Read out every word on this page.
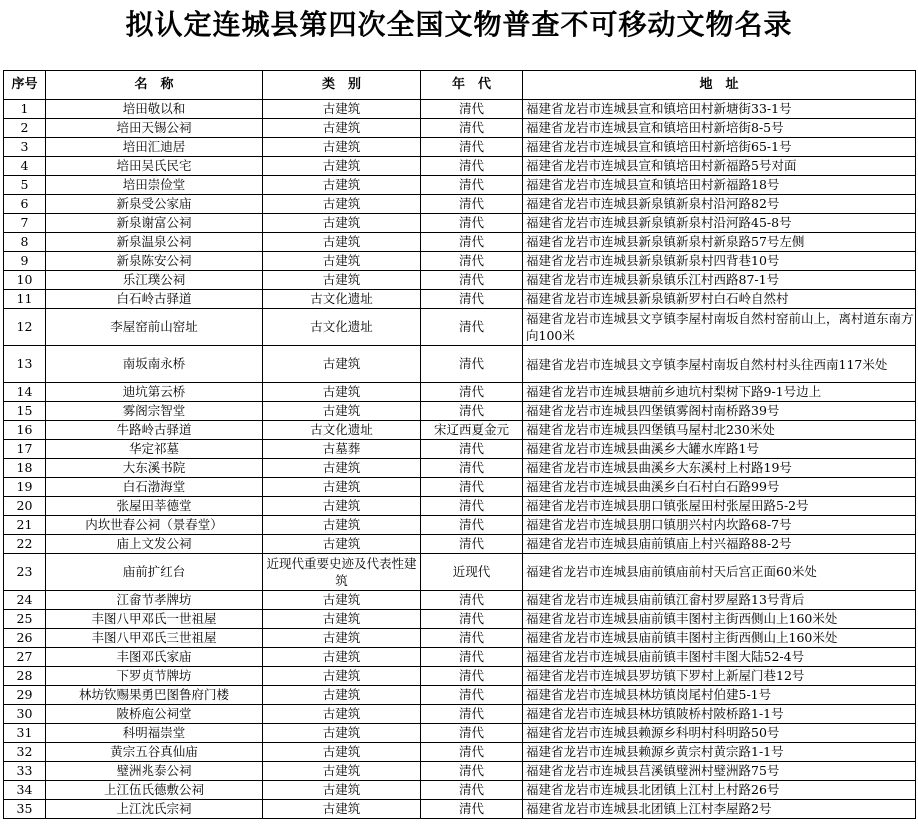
拟认定连城县第四次全国文物普查不可移动文物名录
序号	名　称	类　别	年　代	地　址
1	培田敬以和	古建筑	清代	福建省龙岩市连城县宣和镇培田村新塘街33-1号
2	培田天锡公祠	古建筑	清代	福建省龙岩市连城县宣和镇培田村新培街8-5号
3	培田汇迪居	古建筑	清代	福建省龙岩市连城县宣和镇培田村新培街65-1号
4	培田吴氏民宅	古建筑	清代	福建省龙岩市连城县宣和镇培田村新福路5号对面
5	培田崇俭堂	古建筑	清代	福建省龙岩市连城县宣和镇培田村新福路18号
6	新泉受公家庙	古建筑	清代	福建省龙岩市连城县新泉镇新泉村沿河路82号
7	新泉谢富公祠	古建筑	清代	福建省龙岩市连城县新泉镇新泉村沿河路45-8号
8	新泉温泉公祠	古建筑	清代	福建省龙岩市连城县新泉镇新泉村新泉路57号左侧
9	新泉陈安公祠	古建筑	清代	福建省龙岩市连城县新泉镇新泉村四背巷10号
10	乐江璞公祠	古建筑	清代	福建省龙岩市连城县新泉镇乐江村西路87-1号
11	白石岭古驿道	古文化遗址	清代	福建省龙岩市连城县新泉镇新罗村白石岭自然村
12	李屋窑前山窑址	古文化遗址	清代	福建省龙岩市连城县文亨镇李屋村南坂自然村窑前山上，离村道东南方向100米
13	南坂南永桥	古建筑	清代	福建省龙岩市连城县文亨镇李屋村南坂自然村村头往西南117米处
14	迪坑第云桥	古建筑	清代	福建省龙岩市连城县塘前乡迪坑村梨树下路9-1号边上
15	雾阁宗智堂	古建筑	清代	福建省龙岩市连城县四堡镇雾阁村南桥路39号
16	牛路岭古驿道	古文化遗址	宋辽西夏金元	福建省龙岩市连城县四堡镇马屋村北230米处
17	华定祁墓	古墓葬	清代	福建省龙岩市连城县曲溪乡大罐水库路1号
18	大东溪书院	古建筑	清代	福建省龙岩市连城县曲溪乡大东溪村上村路19号
19	白石渤海堂	古建筑	清代	福建省龙岩市连城县曲溪乡白石村白石路99号
20	张屋田莘德堂	古建筑	清代	福建省龙岩市连城县朋口镇张屋田村张屋田路5-2号
21	内坎世春公祠（景春堂）	古建筑	清代	福建省龙岩市连城县朋口镇朋兴村内坎路68-7号
22	庙上文发公祠	古建筑	清代	福建省龙岩市连城县庙前镇庙上村兴福路88-2号
23	庙前扩红台	近现代重要史迹及代表性建筑	近现代	福建省龙岩市连城县庙前镇庙前村天后宫正面60米处
24	江畲节孝牌坊	古建筑	清代	福建省龙岩市连城县庙前镇江畲村罗屋路13号背后
25	丰图八甲邓氏一世祖屋	古建筑	清代	福建省龙岩市连城县庙前镇丰图村主街西侧山上160米处
26	丰图八甲邓氏三世祖屋	古建筑	清代	福建省龙岩市连城县庙前镇丰图村主街西侧山上160米处
27	丰图邓氏家庙	古建筑	清代	福建省龙岩市连城县庙前镇丰图村丰图大陆52-4号
28	下罗贞节牌坊	古建筑	清代	福建省龙岩市连城县罗坊镇下罗村上新屋门巷12号
29	林坊钦赐果勇巴图鲁府门楼	古建筑	清代	福建省龙岩市连城县林坊镇岗尾村伯建5-1号
30	陂桥庖公祠堂	古建筑	清代	福建省龙岩市连城县林坊镇陂桥村陂桥路1-1号
31	科明福崇堂	古建筑	清代	福建省龙岩市连城县赖源乡科明村科明路50号
32	黄宗五谷真仙庙	古建筑	清代	福建省龙岩市连城县赖源乡黄宗村黄宗路1-1号
33	璧洲兆泰公祠	古建筑	清代	福建省龙岩市连城县莒溪镇璧洲村璧洲路75号
34	上江伍氏德敷公祠	古建筑	清代	福建省龙岩市连城县北团镇上江村上村路26号
35	上江沈氏宗祠	古建筑	清代	福建省龙岩市连城县北团镇上江村李屋路2号
